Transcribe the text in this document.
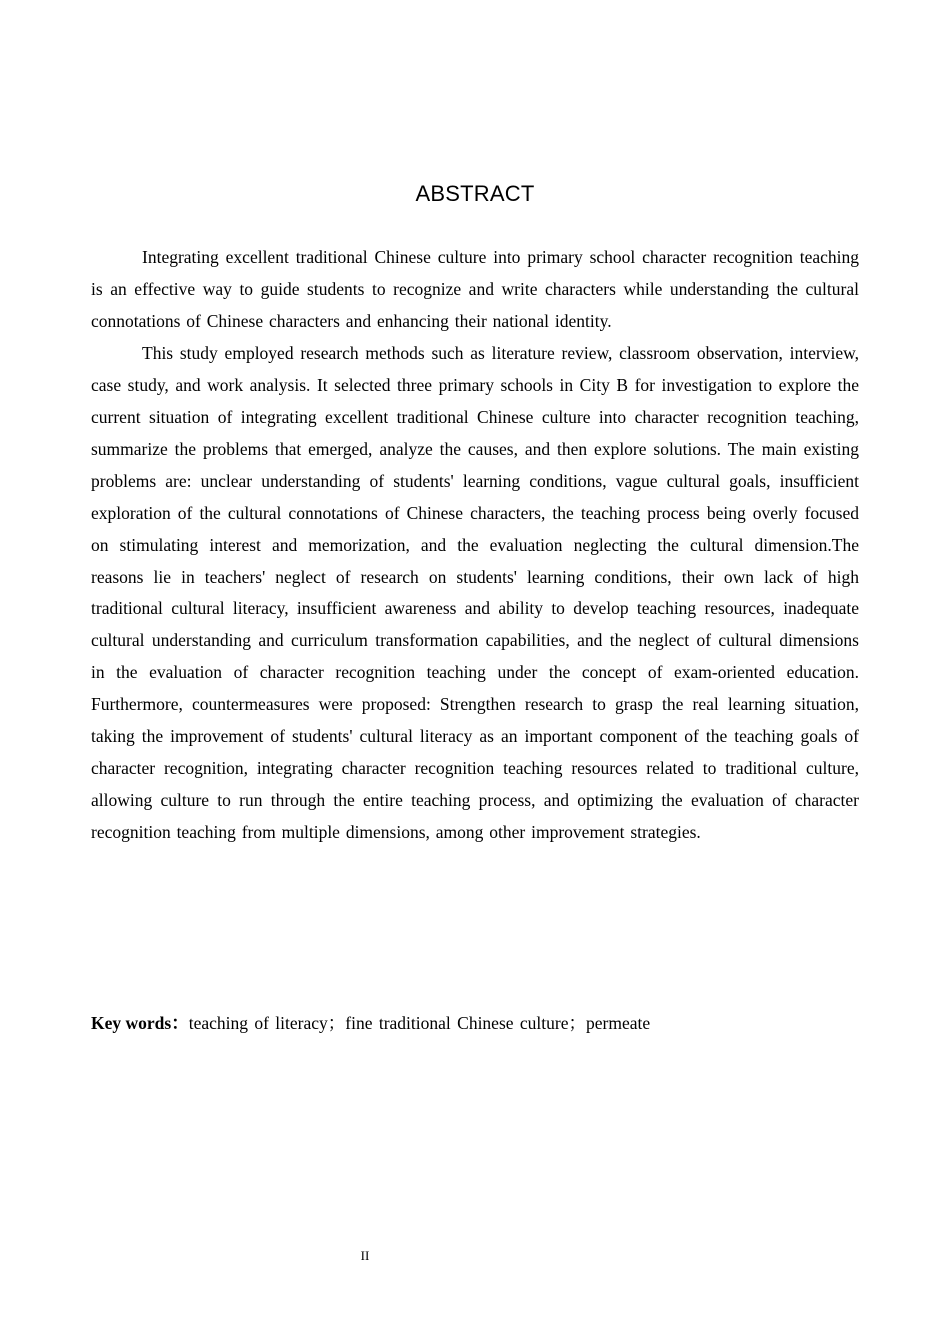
ABSTRACT

Integrating excellent traditional Chinese culture into primary school character recognition teaching is an effective way to guide students to recognize and write characters while understanding the cultural connotations of Chinese characters and enhancing their national identity.

This study employed research methods such as literature review, classroom observation, interview, case study, and work analysis. It selected three primary schools in City B for investigation to explore the current situation of integrating excellent traditional Chinese culture into character recognition teaching, summarize the problems that emerged, analyze the causes, and then explore solutions. The main existing problems are: unclear understanding of students' learning conditions, vague cultural goals, insufficient exploration of the cultural connotations of Chinese characters, the teaching process being overly focused on stimulating interest and memorization, and the evaluation neglecting the cultural dimension.The reasons lie in teachers' neglect of research on students' learning conditions, their own lack of high traditional cultural literacy, insufficient awareness and ability to develop teaching resources, inadequate cultural understanding and curriculum transformation capabilities, and the neglect of cultural dimensions in the evaluation of character recognition teaching under the concept of exam-oriented education. Furthermore, countermeasures were proposed: Strengthen research to grasp the real learning situation, taking the improvement of students' cultural literacy as an important component of the teaching goals of character recognition, integrating character recognition teaching resources related to traditional culture, allowing culture to run through the entire teaching process, and optimizing the evaluation of character recognition teaching from multiple dimensions, among other improvement strategies.

Key words：teaching of literacy；fine traditional Chinese culture；permeate
II
